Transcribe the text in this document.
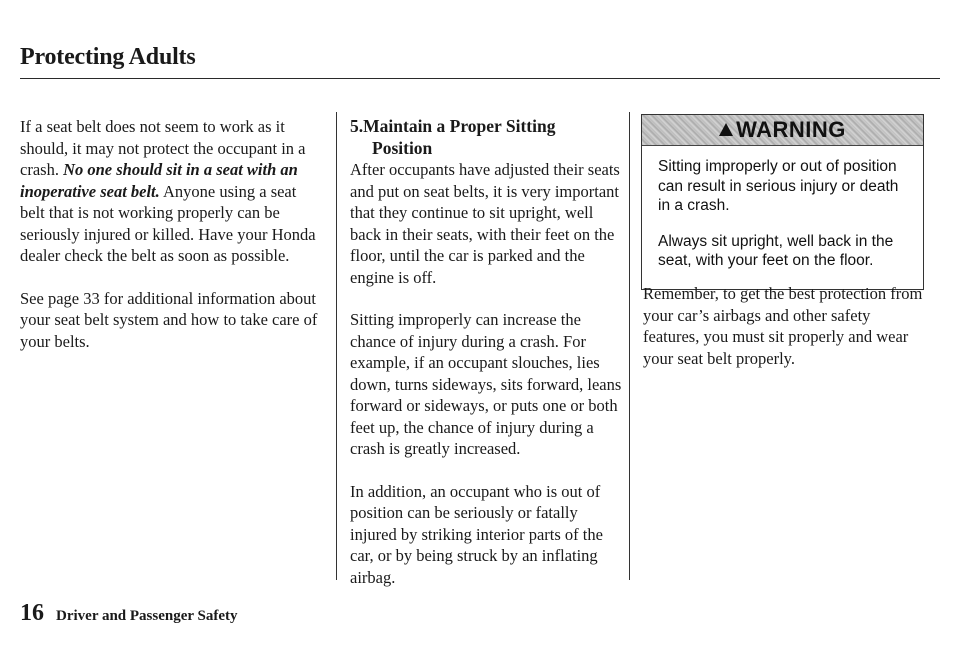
Protecting Adults

If a seat belt does not seem to work as it should, it may not protect the occupant in a crash. No one should sit in a seat with an inoperative seat belt. Anyone using a seat belt that is not working properly can be seriously injured or killed. Have your Honda dealer check the belt as soon as possible.

See page 33 for additional information about your seat belt system and how to take care of your belts.

5.Maintain a Proper Sitting
Position

After occupants have adjusted their seats and put on seat belts, it is very important that they continue to sit upright, well back in their seats, with their feet on the floor, until the car is parked and the engine is off.

Sitting improperly can increase the chance of injury during a crash. For example, if an occupant slouches, lies down, turns sideways, sits forward, leans forward or sideways, or puts one or both feet up, the chance of injury during a crash is greatly increased.

In addition, an occupant who is out of position can be seriously or fatally injured by striking interior parts of the car, or by being struck by an inflating airbag.

WARNING

Sitting improperly or out of position can result in serious injury or death in a crash.

Always sit upright, well back in the seat, with your feet on the floor.

Remember, to get the best protection from your car’s airbags and other safety features, you must sit properly and wear your seat belt properly.

16 Driver and Passenger Safety
